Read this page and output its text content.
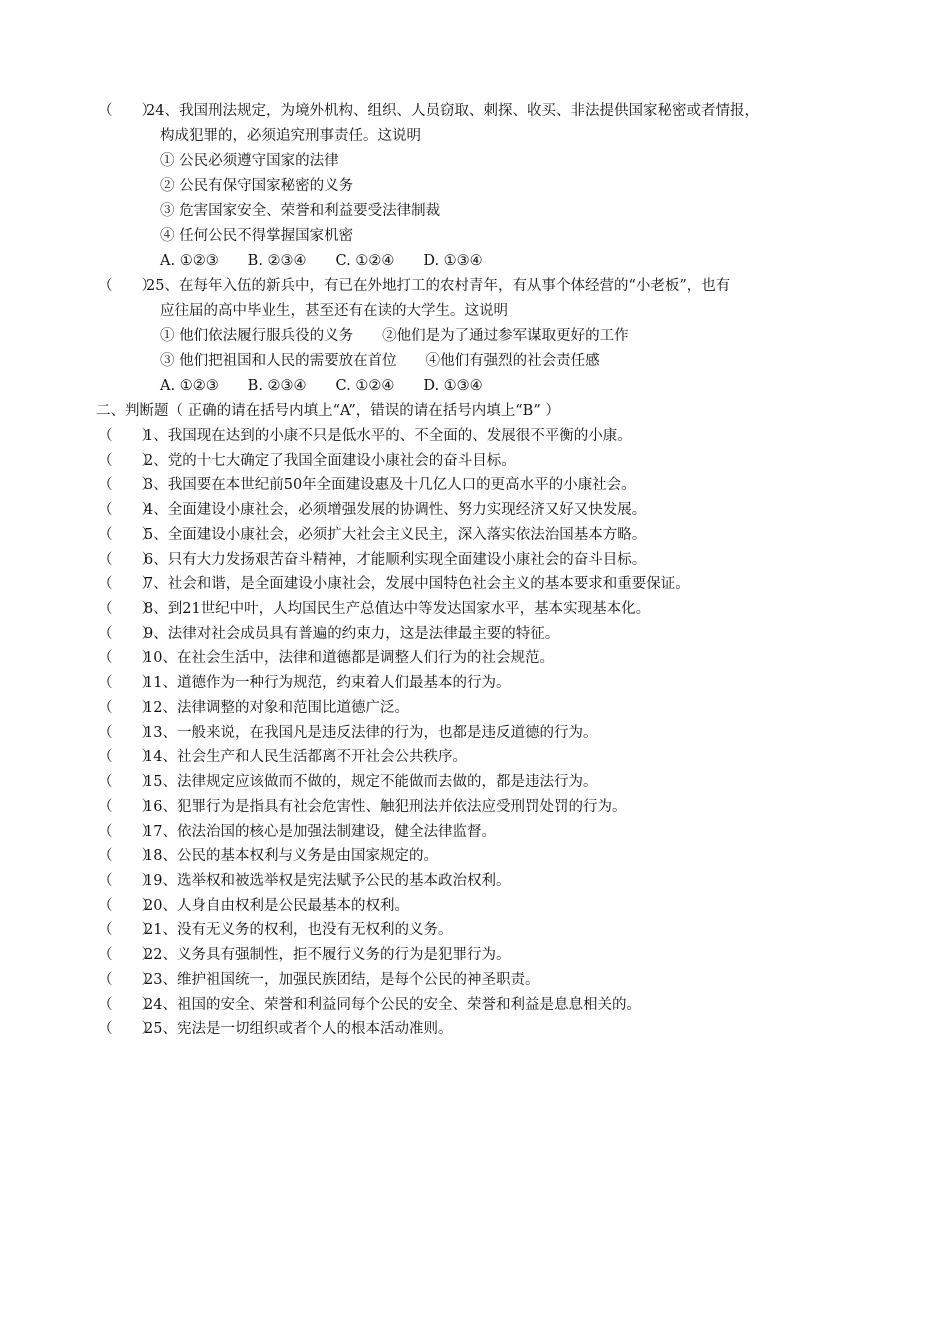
（　　）
24、我国刑法规定，为境外机构、组织、人员窃取、刺探、收买、非法提供国家秘密或者情报，
构成犯罪的，必须追究刑事责任。这说明
① 公民必须遵守国家的法律
② 公民有保守国家秘密的义务
③ 危害国家安全、荣誉和利益要受法律制裁
④ 任何公民不得掌握国家机密
A. ①②③　　B. ②③④　　C. ①②④　　D. ①③④
（　　）
25、在每年入伍的新兵中，有已在外地打工的农村青年，有从事个体经营的“小老板”，也有
应往届的高中毕业生，甚至还有在读的大学生。这说明
① 他们依法履行服兵役的义务　　②他们是为了通过参军谋取更好的工作
③ 他们把祖国和人民的需要放在首位　　④他们有强烈的社会责任感
A. ①②③　　B. ②③④　　C. ①②④　　D. ①③④
二、判断题（ 正确的请在括号内填上“A”，错误的请在括号内填上“B” ）
（　　）
1、我国现在达到的小康不只是低水平的、不全面的、发展很不平衡的小康。
（　　）
2、党的十七大确定了我国全面建设小康社会的奋斗目标。
（　　）
3、我国要在本世纪前50年全面建设惠及十几亿人口的更高水平的小康社会。
（　　）
4、全面建设小康社会，必须增强发展的协调性、努力实现经济又好又快发展。
（　　）
5、全面建设小康社会，必须扩大社会主义民主，深入落实依法治国基本方略。
（　　）
6、只有大力发扬艰苦奋斗精神，才能顺利实现全面建设小康社会的奋斗目标。
（　　）
7、社会和谐，是全面建设小康社会，发展中国特色社会主义的基本要求和重要保证。
（　　）
8、到21世纪中叶，人均国民生产总值达中等发达国家水平，基本实现基本化。
（　　）
9、法律对社会成员具有普遍的约束力，这是法律最主要的特征。
（　　）
10、在社会生活中，法律和道德都是调整人们行为的社会规范。
（　　）
11、道德作为一种行为规范，约束着人们最基本的行为。
（　　）
12、法律调整的对象和范围比道德广泛。
（　　）
13、一般来说，在我国凡是违反法律的行为，也都是违反道德的行为。
（　　）
14、社会生产和人民生活都离不开社会公共秩序。
（　　）
15、法律规定应该做而不做的，规定不能做而去做的，都是违法行为。
（　　）
16、犯罪行为是指具有社会危害性、触犯刑法并依法应受刑罚处罚的行为。
（　　）
17、依法治国的核心是加强法制建设，健全法律监督。
（　　）
18、公民的基本权利与义务是由国家规定的。
（　　）
19、选举权和被选举权是宪法赋予公民的基本政治权利。
（　　）
20、人身自由权利是公民最基本的权利。
（　　）
21、没有无义务的权利，也没有无权利的义务。
（　　）
22、义务具有强制性，拒不履行义务的行为是犯罪行为。
（　　）
23、维护祖国统一，加强民族团结，是每个公民的神圣职责。
（　　）
24、祖国的安全、荣誉和利益同每个公民的安全、荣誉和利益是息息相关的。
（　　）
25、宪法是一切组织或者个人的根本活动准则。
